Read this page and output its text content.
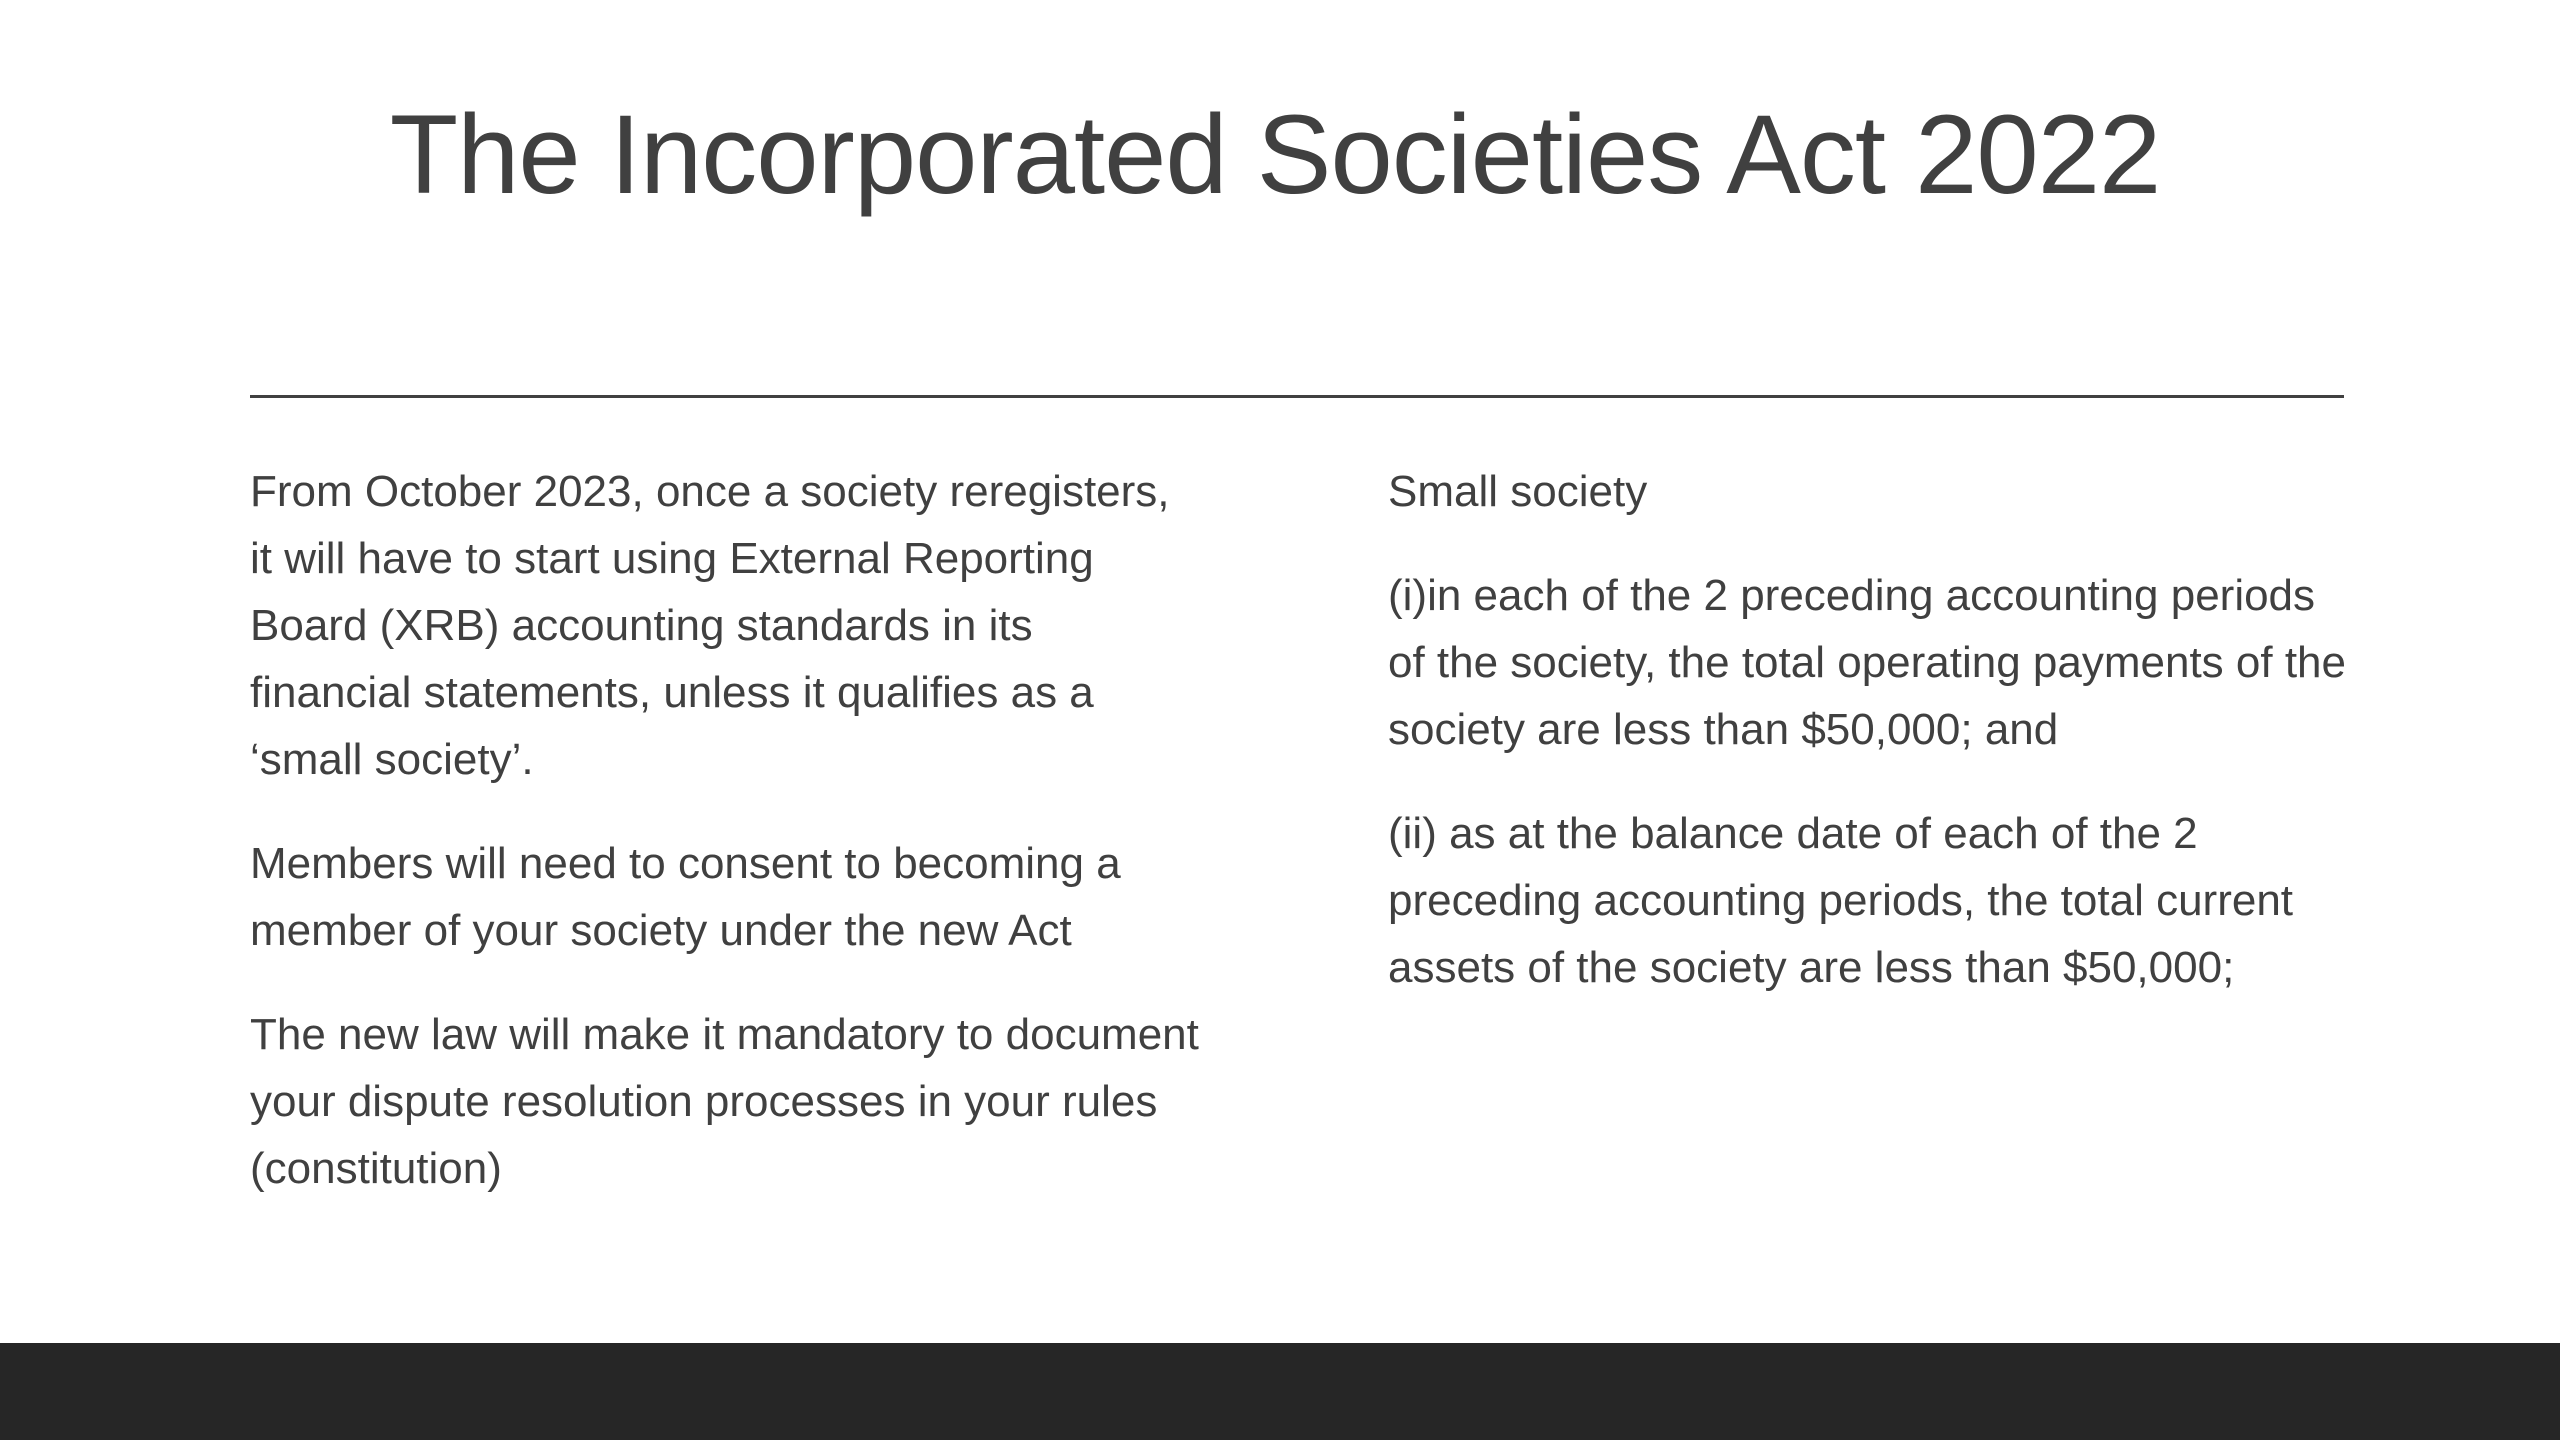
The Incorporated Societies Act 2022

From October 2023, once a society reregisters, it will have to start using External Reporting Board (XRB) accounting standards in its financial statements, unless it qualifies as a ‘small society’.

Members will need to consent to becoming a member of your society under the new Act

The new law will make it mandatory to document your dispute resolution processes in your rules (constitution)

Small society

(i)in each of the 2 preceding accounting periods of the society, the total operating payments of the society are less than $50,000; and

(ii) as at the balance date of each of the 2 preceding accounting periods, the total current assets of the society are less than $50,000;
